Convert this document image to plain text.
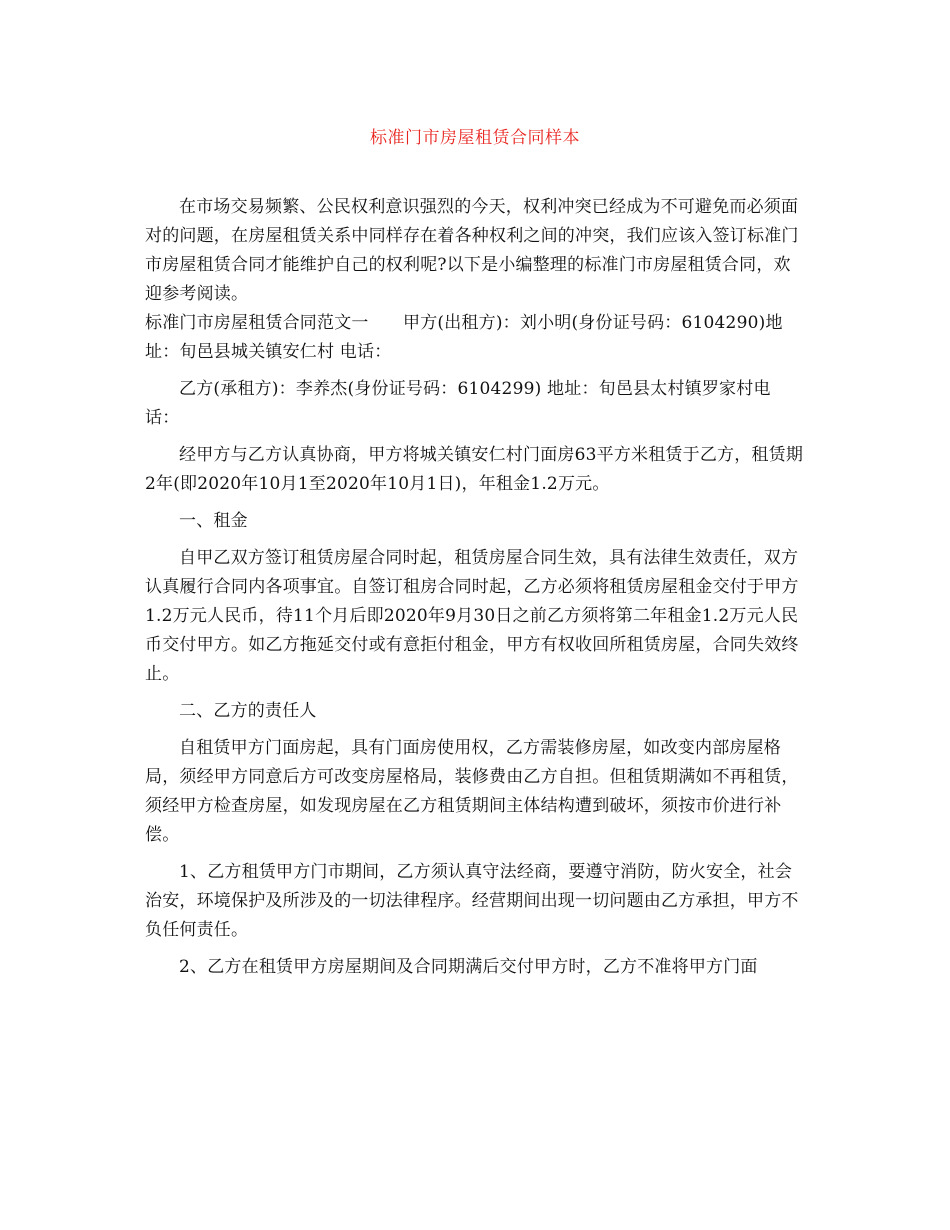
标准门市房屋租赁合同样本

在市场交易频繁、公民权利意识强烈的今天，权利冲突已经成为不可避免而必须面对的问题，在房屋租赁关系中同样存在着各种权利之间的冲突，我们应该入签订标准门市房屋租赁合同才能维护自己的权利呢?以下是小编整理的标准门市房屋租赁合同，欢迎参考阅读。

标准门市房屋租赁合同范文一　　甲方(出租方)：刘小明(身份证号码：6104290)地址：旬邑县城关镇安仁村 电话：

乙方(承租方)：李养杰(身份证号码：6104299) 地址：旬邑县太村镇罗家村电话：

经甲方与乙方认真协商，甲方将城关镇安仁村门面房63平方米租赁于乙方，租赁期2年(即2020年10月1至2020年10月1日)，年租金1.2万元。

一、租金

自甲乙双方签订租赁房屋合同时起，租赁房屋合同生效，具有法律生效责任，双方认真履行合同内各项事宜。自签订租房合同时起，乙方必须将租赁房屋租金交付于甲方1.2万元人民币，待11个月后即2020年9月30日之前乙方须将第二年租金1.2万元人民币交付甲方。如乙方拖延交付或有意拒付租金，甲方有权收回所租赁房屋，合同失效终止。

二、乙方的责任人

自租赁甲方门面房起，具有门面房使用权，乙方需装修房屋，如改变内部房屋格局，须经甲方同意后方可改变房屋格局，装修费由乙方自担。但租赁期满如不再租赁，须经甲方检查房屋，如发现房屋在乙方租赁期间主体结构遭到破坏，须按市价进行补偿。

1、乙方租赁甲方门市期间，乙方须认真守法经商，要遵守消防，防火安全，社会治安，环境保护及所涉及的一切法律程序。经营期间出现一切问题由乙方承担，甲方不负任何责任。

2、乙方在租赁甲方房屋期间及合同期满后交付甲方时，乙方不准将甲方门面
